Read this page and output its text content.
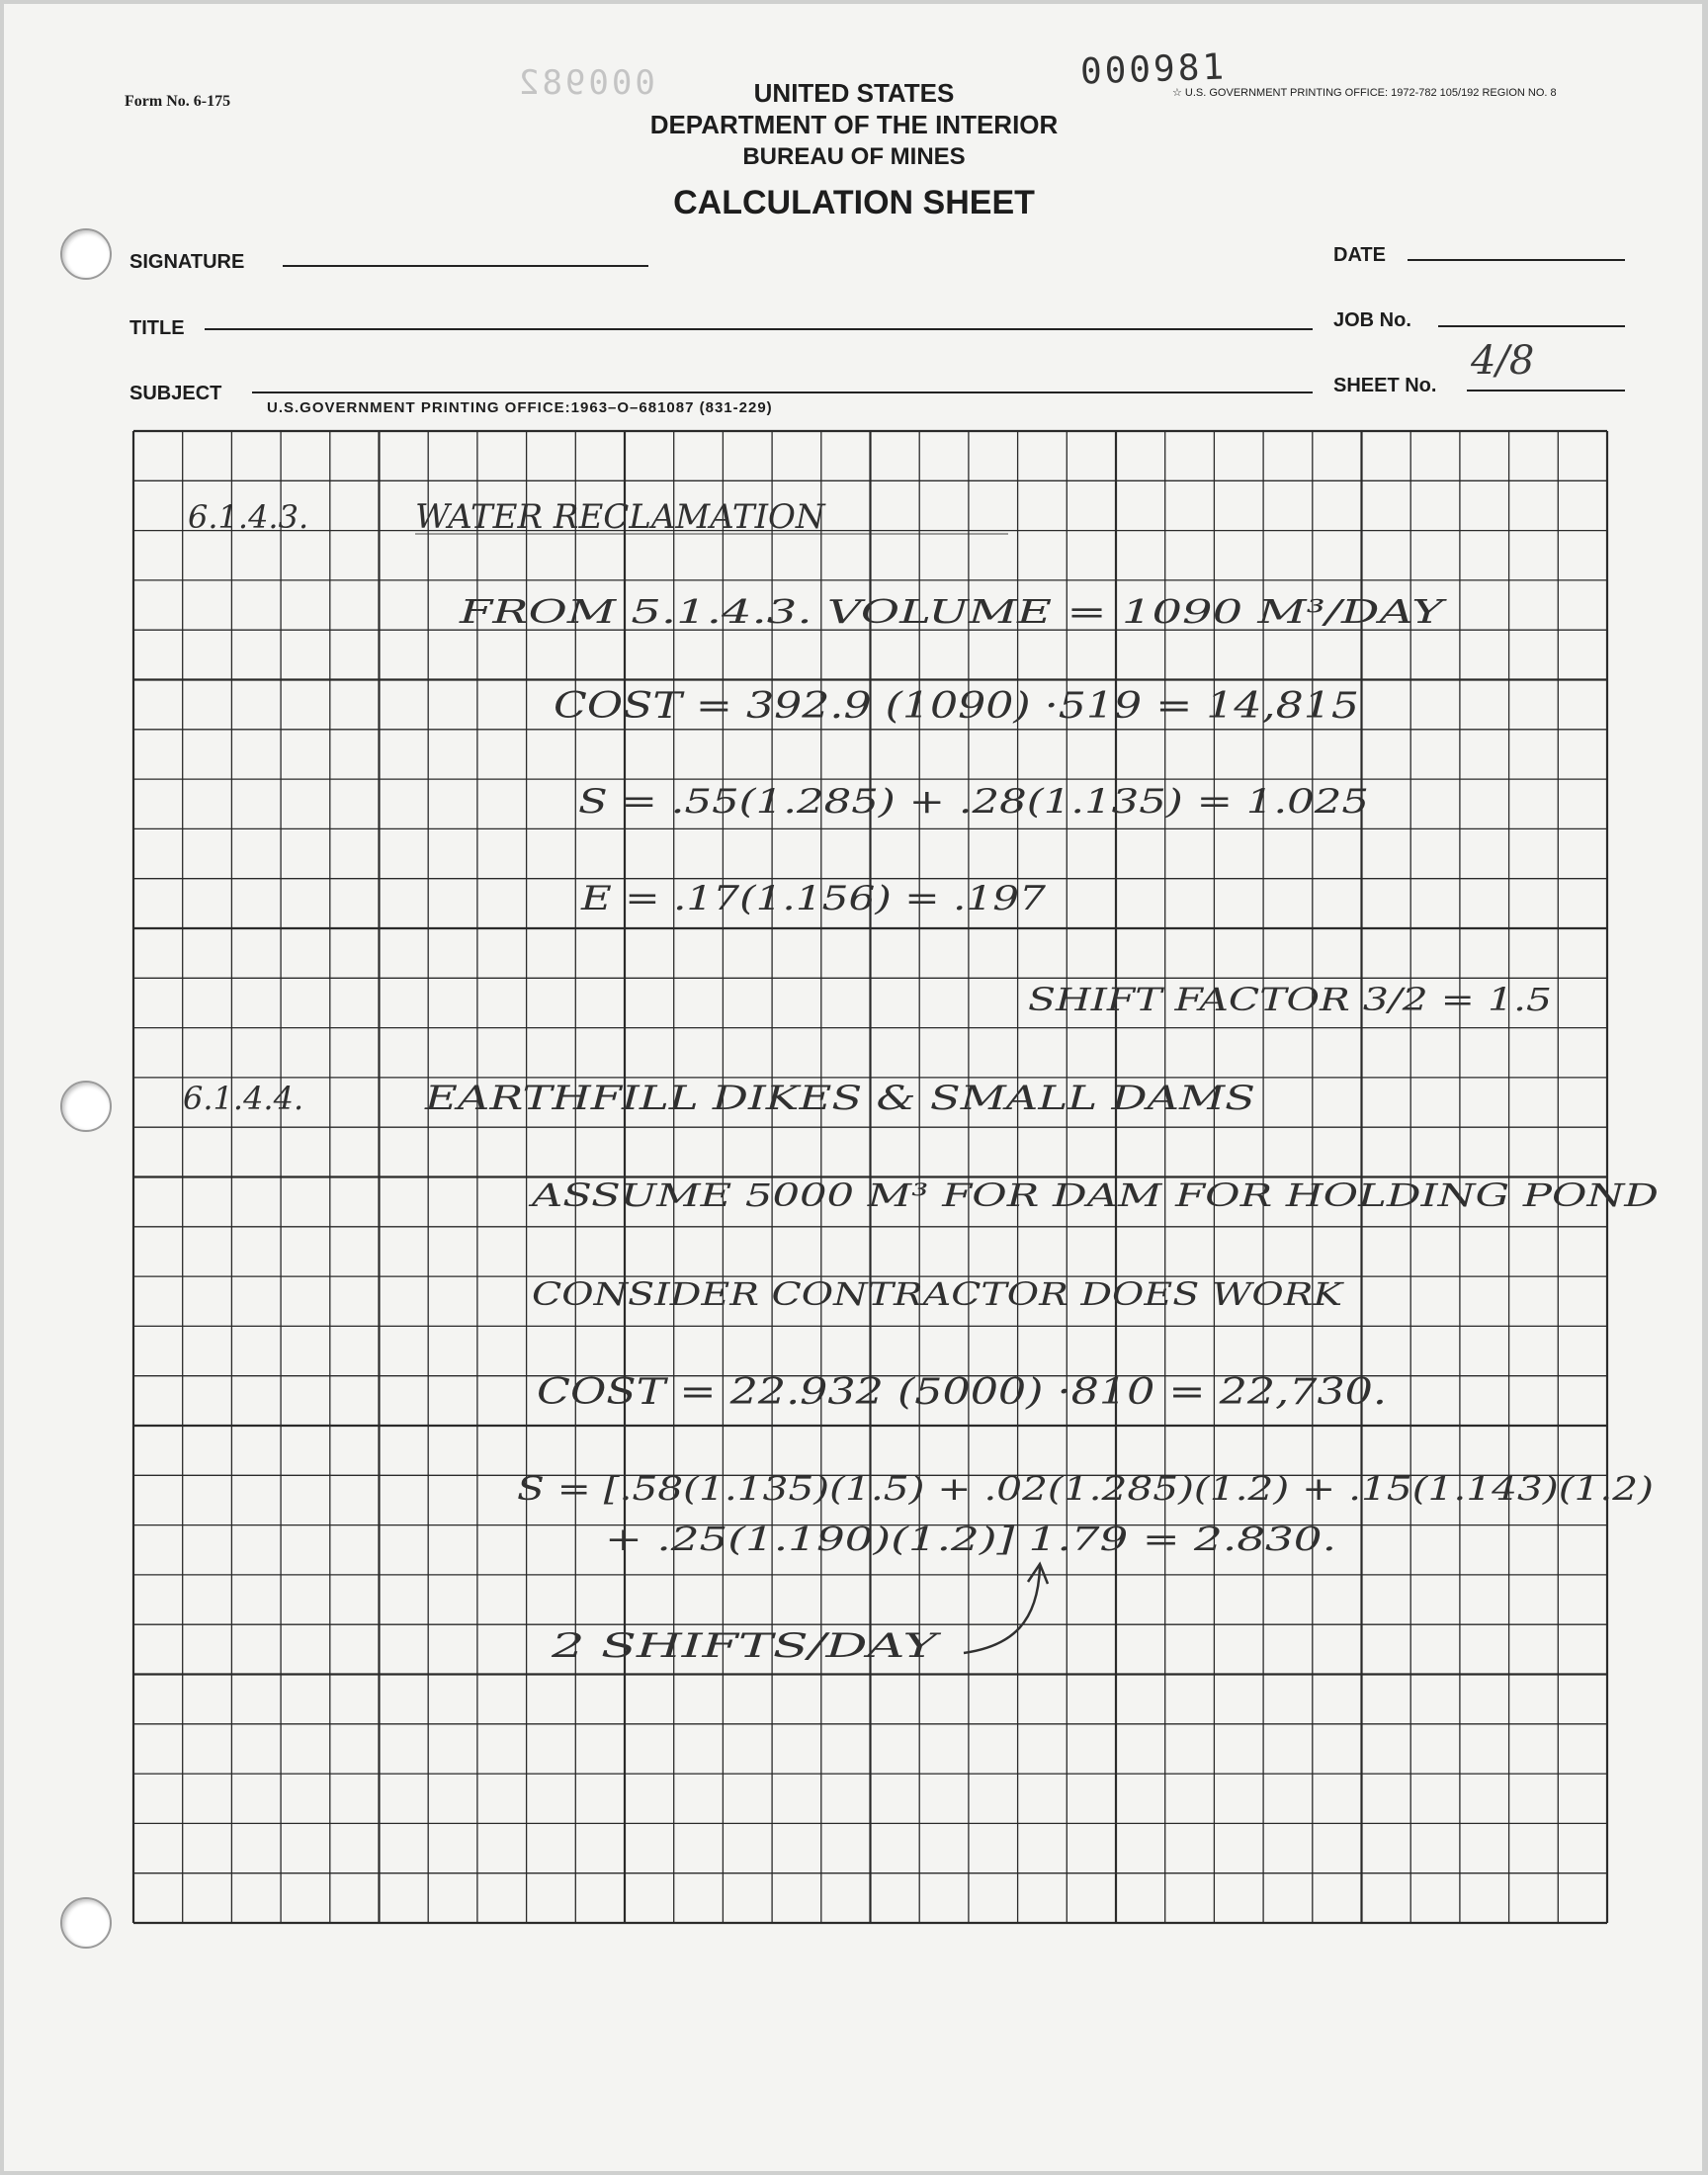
Form No. 6-175	000982	000981
☆ U.S. GOVERNMENT PRINTING OFFICE: 1972-782 105/192 REGION NO. 8
UNITED STATES
DEPARTMENT OF THE INTERIOR
BUREAU OF MINES
CALCULATION SHEET
SIGNATURE	DATE
TITLE	JOB No.
SUBJECT	SHEET No.
4/8
U.S.GOVERNMENT PRINTING OFFICE:1963–O–681087 (831-229)
6.1.4.3.	WATER RECLAMATION
FROM 5.1.4.3. VOLUME = 1090 M³/DAY
COST = 392.9 (1090) ·519 = 14,815
S = .55(1.285) + .28(1.135) = 1.025
E = .17(1.156) = .197
SHIFT FACTOR 3/2 = 1.5
6.1.4.4.	EARTHFILL DIKES & SMALL DAMS
ASSUME 5000 M³ FOR DAM FOR HOLDING POND
CONSIDER CONTRACTOR DOES WORK
COST = 22.932 (5000) ·810 = 22,730.
S = [.58(1.135)(1.5) + .02(1.285)(1.2) + .15(1.143)(1.2)
+ .25(1.190)(1.2)] 1.79 = 2.830.
2 SHIFTS/DAY
